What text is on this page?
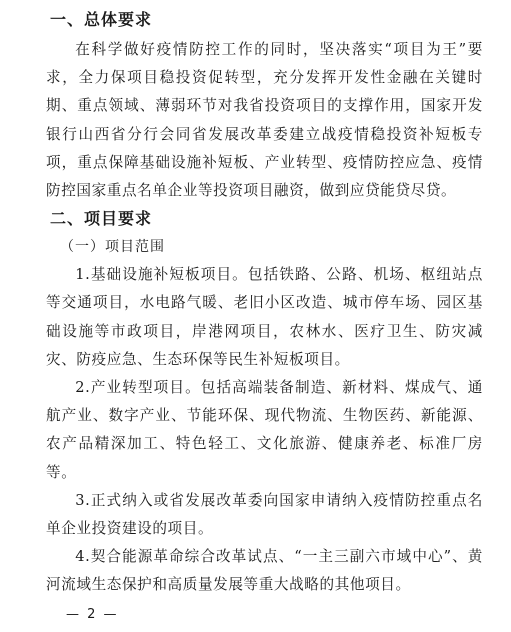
一、总体要求

在科学做好疫情防控工作的同时，坚决落实“项目为王”要求，全力保项目稳投资促转型，充分发挥开发性金融在关键时期、重点领域、薄弱环节对我省投资项目的支撑作用，国家开发银行山西省分行会同省发展改革委建立战疫情稳投资补短板专项，重点保障基础设施补短板、产业转型、疫情防控应急、疫情防控国家重点名单企业等投资项目融资，做到应贷能贷尽贷。

二、项目要求
（一）项目范围

1.基础设施补短板项目。包括铁路、公路、机场、枢纽站点等交通项目，水电路气暖、老旧小区改造、城市停车场、园区基础设施等市政项目，岸港网项目，农林水、医疗卫生、防灾减灾、防疫应急、生态环保等民生补短板项目。

2.产业转型项目。包括高端装备制造、新材料、煤成气、通航产业、数字产业、节能环保、现代物流、生物医药、新能源、农产品精深加工、特色轻工、文化旅游、健康养老、标准厂房等。

3.正式纳入或省发展改革委向国家申请纳入疫情防控重点名单企业投资建设的项目。

4.契合能源革命综合改革试点、“一主三副六市域中心”、黄河流域生态保护和高质量发展等重大战略的其他项目。

— 2 —
